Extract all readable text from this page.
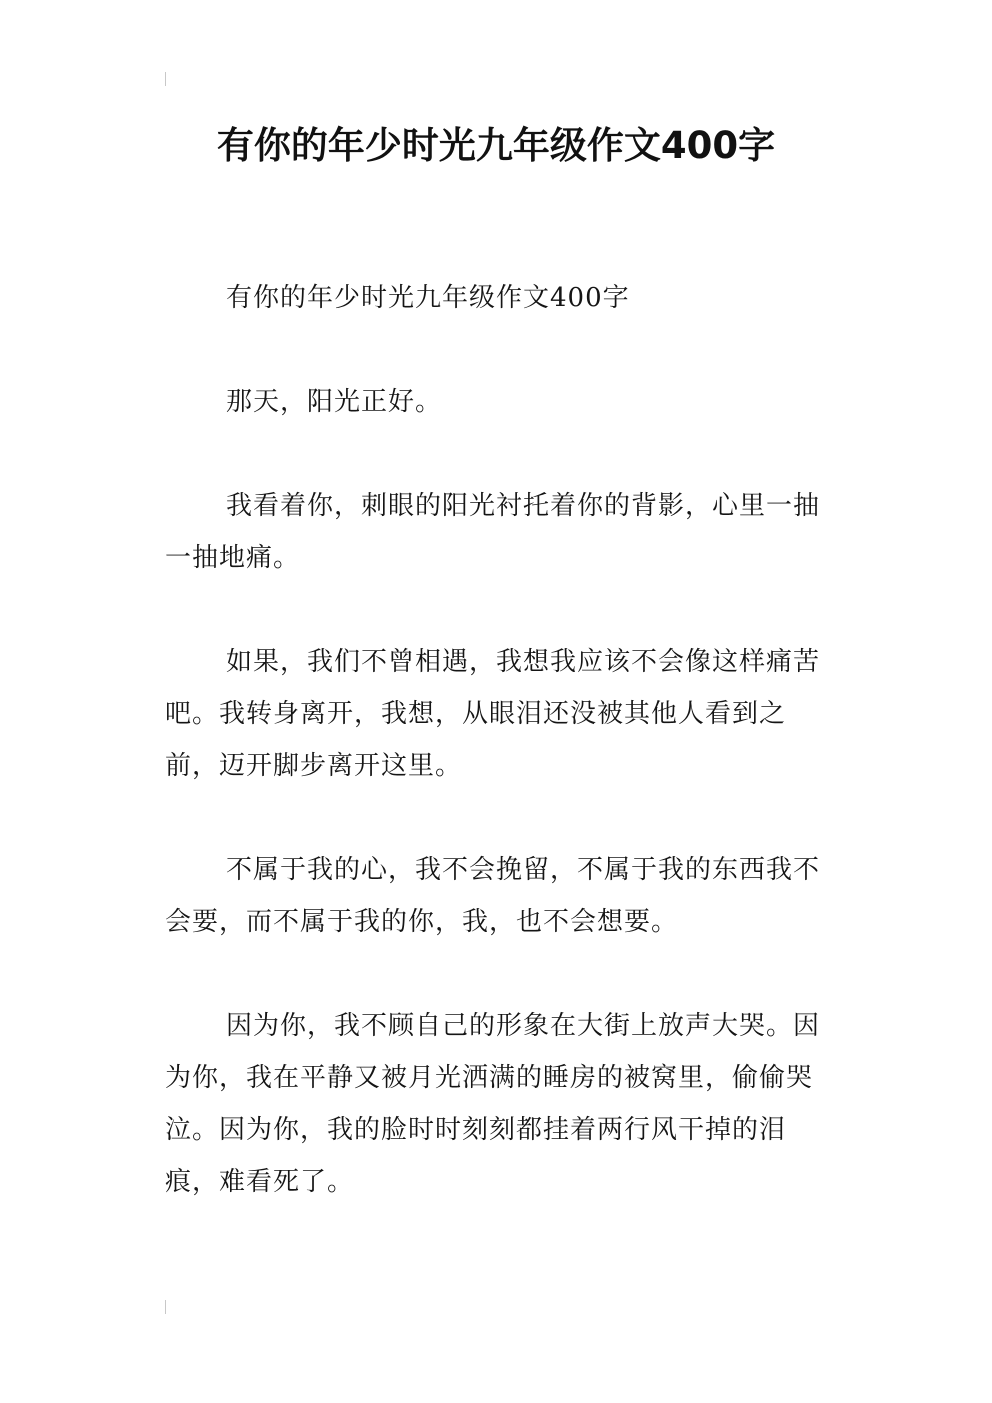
有你的年少时光九年级作文400字

有你的年少时光九年级作文400字

那天，阳光正好。

我看着你，刺眼的阳光衬托着你的背影，心里一抽一抽地痛。

如果，我们不曾相遇，我想我应该不会像这样痛苦吧。我转身离开，我想，从眼泪还没被其他人看到之前，迈开脚步离开这里。

不属于我的心，我不会挽留，不属于我的东西我不会要，而不属于我的你，我，也不会想要。

因为你，我不顾自己的形象在大街上放声大哭。因为你，我在平静又被月光洒满的睡房的被窝里，偷偷哭泣。因为你，我的脸时时刻刻都挂着两行风干掉的泪痕，难看死了。
